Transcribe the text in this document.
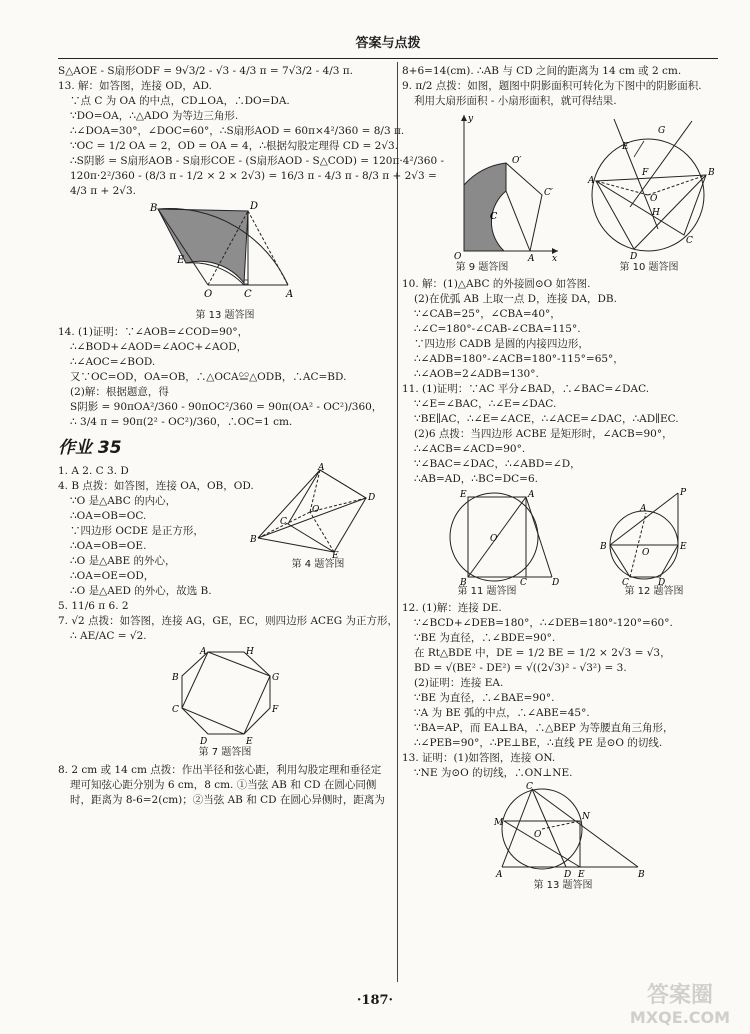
答案与点拨
S△AOE - S扇形ODF = 9√3/2 - √3 - 4/3 π = 7√3/2 - 4/3 π.
13. 解：如答图，连接 OD，AD.
∵点 C 为 OA 的中点，CD⊥OA，∴DO=DA.
∵DO=OA，∴△ADO 为等边三角形.
∴∠DOA=30°，∠DOC=60°，∴S扇形AOD = 60π×4²/360 = 8/3 π.
∵OC = 1/2 OA = 2，OD = OA = 4，∴根据勾股定理得 CD = 2√3.
∴S阴影 = S扇形AOB - S扇形COE - (S扇形AOD - S△COD) = 120π·4²/360 -
120π·2²/360 - (8/3 π - 1/2 × 2 × 2√3) = 16/3 π - 4/3 π - 8/3 π + 2√3 =
4/3 π + 2√3.
B	D
E
O	C	A
第 13 题答图
14. (1)证明：∵∠AOB=∠COD=90°，
∴∠BOD+∠AOD=∠AOC+∠AOD，
∴∠AOC=∠BOD.
又∵OC=OD，OA=OB，∴△OCA≌△ODB，∴AC=BD.
(2)解：根据题意，得
S阴影 = 90πOA²/360 - 90πOC²/360 = 90π(OA² - OC²)/360，
∴ 3/4 π = 90π(2² - OC²)/360，∴OC=1 cm.
作业 35
1. A 2. C 3. D
4. B 点拨：如答图，连接 OA，OB，OD.
∵O 是△ABC 的内心，
∴OA=OB=OC.
∵四边形 OCDE 是正方形，
∴OA=OB=OE.
∴O 是△ABE 的外心，
∴OA=OE=OD，
∴O 是△AED 的外心，故选 B.
A
B
D
E
C
O
第 4 题答图
5. 11/6 π 6. 2
7. √2 点拨：如答图，连接 AG，GE，EC，则四边形 ACEG 为正方形，
∴ AE/AC = √2.
A
B
C
D	E
F
G
H
第 7 题答图
8. 2 cm 或 14 cm 点拨：作出半径和弦心距，利用勾股定理和垂径定
理可知弦心距分别为 6 cm，8 cm. ①当弦 AB 和 CD 在圆心同侧
时，距离为 8-6=2(cm)；②当弦 AB 和 CD 在圆心异侧时，距离为
8+6=14(cm). ∴AB 与 CD 之间的距离为 14 cm 或 2 cm.
9. π/2 点拨：如图，题图中阴影面积可转化为下图中的阴影面积.
利用大扇形面积 - 小扇形面积，就可得结果.
O′
C′
C
O	A x
y
第 9 题答图
A
B
C
D
O
F
H
E
G
第 10 题答图
10. 解：(1)△ABC 的外接圆⊙O 如答图.
(2)在优弧 AB 上取一点 D，连接 DA，DB.
∵∠CAB=25°，∠CBA=40°，
∴∠C=180°-∠CAB-∠CBA=115°.
∵四边形 CADB 是圆的内接四边形，
∴∠ADB=180°-∠ACB=180°-115°=65°，
∴∠AOB=2∠ADB=130°.
11. (1)证明：∵AC 平分∠BAD，∴∠BAC=∠DAC.
∵∠E=∠BAC，∴∠E=∠DAC.
∵BE∥AC，∴∠E=∠ACE，∴∠ACE=∠DAC，∴AD∥EC.
(2)6 点拨：当四边形 ACBE 是矩形时，∠ACB=90°，
∴∠ACB=∠ACD=90°.
∵∠BAC=∠DAC，∴∠ABD=∠D，
∴AB=AD，∴BC=DC=6.
E	A
B	C	D
O
第 11 题答图
P
A
B	E
O
C	D
第 12 题答图
12. (1)解：连接 DE.
∵∠BCD+∠DEB=180°，∴∠DEB=180°-120°=60°.
∵BE 为直径，∴∠BDE=90°.
在 Rt△BDE 中，DE = 1/2 BE = 1/2 × 2√3 = √3，
BD = √(BE² - DE²) = √((2√3)² - √3²) = 3.
(2)证明：连接 EA.
∵BE 为直径，∴∠BAE=90°.
∵A 为 BE 弧的中点，∴∠ABE=45°.
∵BA=AP，而 EA⊥BA，∴△BEP 为等腰直角三角形，
∴∠PEB=90°，∴PE⊥BE，∴直线 PE 是⊙O 的切线.
13. 证明：(1)如答图，连接 ON.
∵NE 为⊙O 的切线，∴ON⊥NE.
C
M
N
O
A	D E	B
第 13 题答图
·187·	答案圈
MXQE.COM
